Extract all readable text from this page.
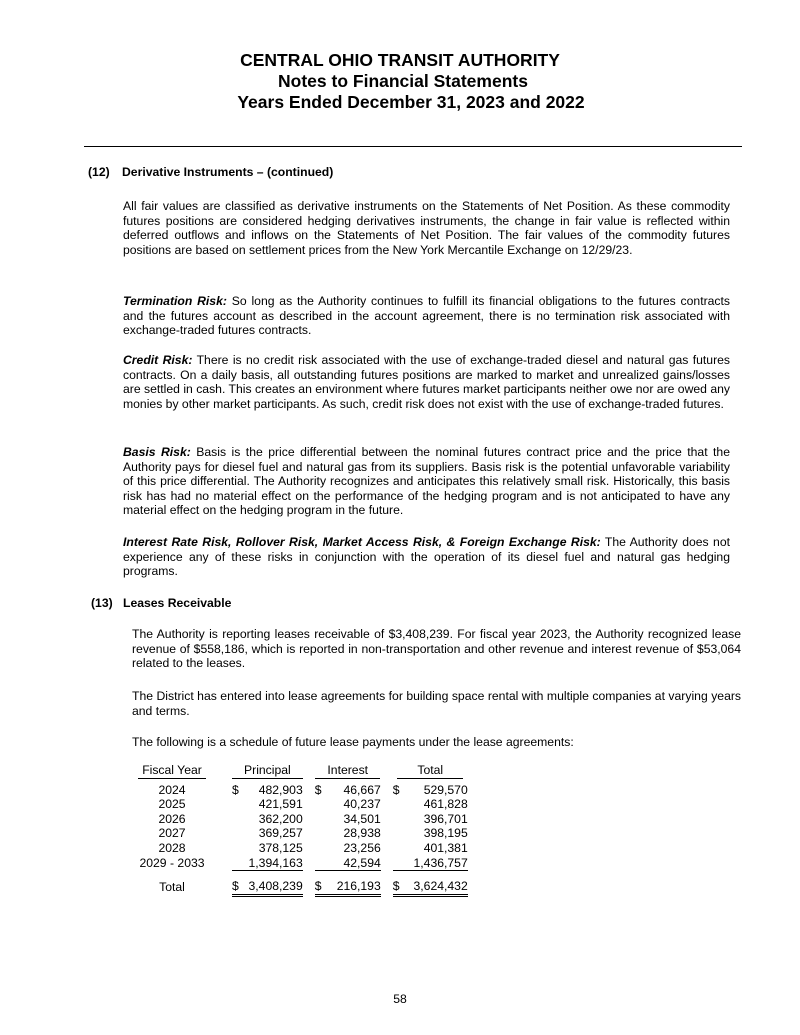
CENTRAL OHIO TRANSIT AUTHORITY
Notes to Financial Statements
Years Ended December 31, 2023 and 2022
(12) Derivative Instruments – (continued)
All fair values are classified as derivative instruments on the Statements of Net Position. As these commodity futures positions are considered hedging derivatives instruments, the change in fair value is reflected within deferred outflows and inflows on the Statements of Net Position. The fair values of the commodity futures positions are based on settlement prices from the New York Mercantile Exchange on 12/29/23.
Termination Risk: So long as the Authority continues to fulfill its financial obligations to the futures contracts and the futures account as described in the account agreement, there is no termination risk associated with exchange-traded futures contracts.
Credit Risk: There is no credit risk associated with the use of exchange-traded diesel and natural gas futures contracts. On a daily basis, all outstanding futures positions are marked to market and unrealized gains/losses are settled in cash. This creates an environment where futures market participants neither owe nor are owed any monies by other market participants. As such, credit risk does not exist with the use of exchange-traded futures.
Basis Risk: Basis is the price differential between the nominal futures contract price and the price that the Authority pays for diesel fuel and natural gas from its suppliers. Basis risk is the potential unfavorable variability of this price differential. The Authority recognizes and anticipates this relatively small risk. Historically, this basis risk has had no material effect on the performance of the hedging program and is not anticipated to have any material effect on the hedging program in the future.
Interest Rate Risk, Rollover Risk, Market Access Risk, & Foreign Exchange Risk: The Authority does not experience any of these risks in conjunction with the operation of its diesel fuel and natural gas hedging programs.
(13) Leases Receivable
The Authority is reporting leases receivable of $3,408,239. For fiscal year 2023, the Authority recognized lease revenue of $558,186, which is reported in non-transportation and other revenue and interest revenue of $53,064 related to the leases.
The District has entered into lease agreements for building space rental with multiple companies at varying years and terms.
The following is a schedule of future lease payments under the lease agreements:
Fiscal Year		Principal			Interest			Total	

2024		$	482,903		$	46,667		$	529,570
2025			421,591			40,237			461,828
2026			362,200			34,501			396,701
2027			369,257			28,938			398,195
2028			378,125			23,256			401,381
2029 - 2033			1,394,163			42,594			1,436,757

Total		$	3,408,239		$	216,193		$	3,624,432
58
